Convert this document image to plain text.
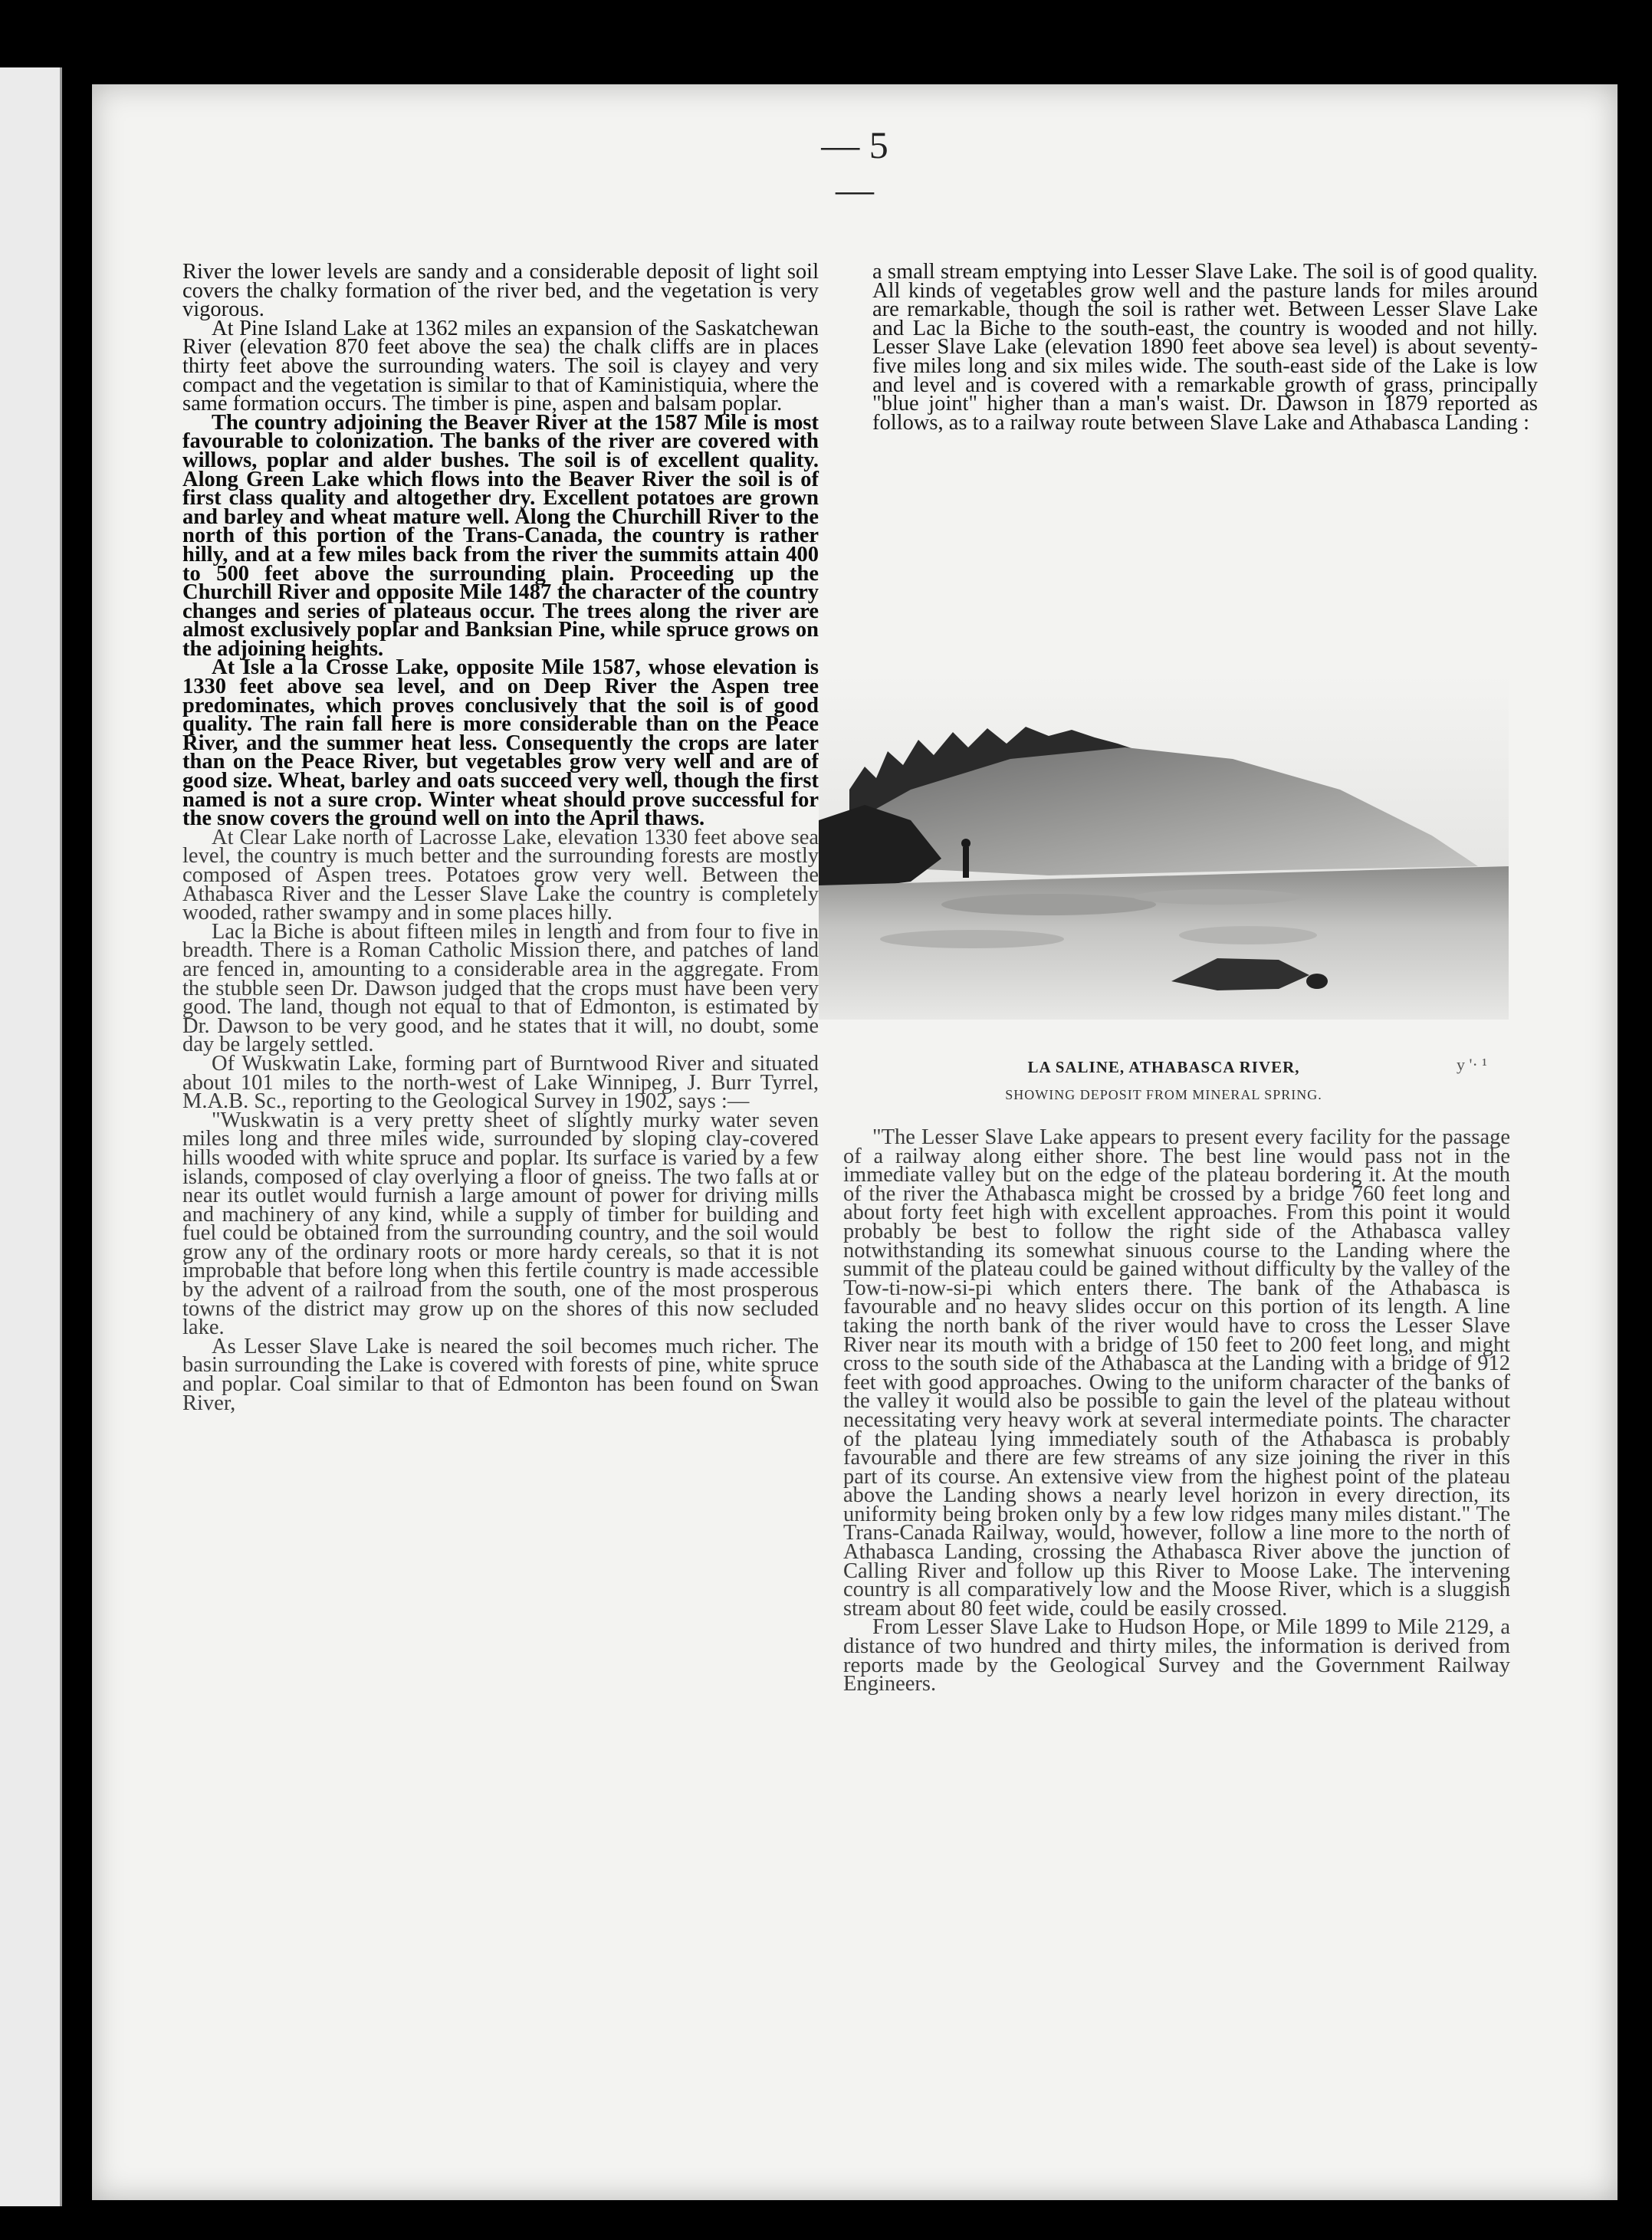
— 5 —

River the lower levels are sandy and a considerable deposit of light soil covers the chalky formation of the river bed, and the vegetation is very vigorous.

At Pine Island Lake at 1362 miles an expansion of the Saskatchewan River (elevation 870 feet above the sea) the chalk cliffs are in places thirty feet above the surrounding waters. The soil is clayey and very compact and the vegetation is similar to that of Kaministiquia, where the same formation occurs. The timber is pine, aspen and balsam poplar.

The country adjoining the Beaver River at the 1587 Mile is most favourable to colonization. The banks of the river are covered with willows, poplar and alder bushes. The soil is of excellent quality. Along Green Lake which flows into the Beaver River the soil is of first class quality and altogether dry. Excellent potatoes are grown and barley and wheat mature well. Along the Churchill River to the north of this portion of the Trans-Canada, the country is rather hilly, and at a few miles back from the river the summits attain 400 to 500 feet above the surrounding plain. Proceeding up the Churchill River and opposite Mile 1487 the character of the country changes and series of plateaus occur. The trees along the river are almost exclusively poplar and Banksian Pine, while spruce grows on the adjoining heights.

At Isle a la Crosse Lake, opposite Mile 1587, whose elevation is 1330 feet above sea level, and on Deep River the Aspen tree predominates, which proves conclusively that the soil is of good quality. The rain fall here is more considerable than on the Peace River, and the summer heat less. Consequently the crops are later than on the Peace River, but vegetables grow very well and are of good size. Wheat, barley and oats succeed very well, though the first named is not a sure crop. Winter wheat should prove successful for the snow covers the ground well on into the April thaws.

At Clear Lake north of Lacrosse Lake, elevation 1330 feet above sea level, the country is much better and the surrounding forests are mostly composed of Aspen trees. Potatoes grow very well. Between the Athabasca River and the Lesser Slave Lake the country is completely wooded, rather swampy and in some places hilly.

Lac la Biche is about fifteen miles in length and from four to five in breadth. There is a Roman Catholic Mission there, and patches of land are fenced in, amounting to a considerable area in the aggregate. From the stubble seen Dr. Dawson judged that the crops must have been very good. The land, though not equal to that of Edmonton, is estimated by Dr. Dawson to be very good, and he states that it will, no doubt, some day be largely settled.

Of Wuskwatin Lake, forming part of Burntwood River and situated about 101 miles to the north-west of Lake Winnipeg, J. Burr Tyrrel, M.A.B. Sc., reporting to the Geological Survey in 1902, says :—

"Wuskwatin is a very pretty sheet of slightly murky water seven miles long and three miles wide, surrounded by sloping clay-covered hills wooded with white spruce and poplar. Its surface is varied by a few islands, composed of clay overlying a floor of gneiss. The two falls at or near its outlet would furnish a large amount of power for driving mills and machinery of any kind, while a supply of timber for building and fuel could be obtained from the surrounding country, and the soil would grow any of the ordinary roots or more hardy cereals, so that it is not improbable that before long when this fertile country is made accessible by the advent of a railroad from the south, one of the most prosperous towns of the district may grow up on the shores of this now secluded lake.

As Lesser Slave Lake is neared the soil becomes much richer. The basin surrounding the Lake is covered with forests of pine, white spruce and poplar. Coal similar to that of Edmonton has been found on Swan River,

a small stream emptying into Lesser Slave Lake. The soil is of good quality. All kinds of vegetables grow well and the pasture lands for miles around are remarkable, though the soil is rather wet. Between Lesser Slave Lake and Lac la Biche to the south-east, the country is wooded and not hilly. Lesser Slave Lake (elevation 1890 feet above sea level) is about seventy-five miles long and six miles wide. The south-east side of the Lake is low and level and is covered with a remarkable growth of grass, principally "blue joint" higher than a man's waist. Dr. Dawson in 1879 reported as follows, as to a railway route between Slave Lake and Athabasca Landing :

LA SALINE, ATHABASCA RIVER,
SHOWING DEPOSIT FROM MINERAL SPRING.
y '· ¹

"The Lesser Slave Lake appears to present every facility for the passage of a railway along either shore. The best line would pass not in the immediate valley but on the edge of the plateau bordering it. At the mouth of the river the Athabasca might be crossed by a bridge 760 feet long and about forty feet high with excellent approaches. From this point it would probably be best to follow the right side of the Athabasca valley notwithstanding its somewhat sinuous course to the Landing where the summit of the plateau could be gained without difficulty by the valley of the Tow-ti-now-si-pi which enters there. The bank of the Athabasca is favourable and no heavy slides occur on this portion of its length. A line taking the north bank of the river would have to cross the Lesser Slave River near its mouth with a bridge of 150 feet to 200 feet long, and might cross to the south side of the Athabasca at the Landing with a bridge of 912 feet with good approaches. Owing to the uniform character of the banks of the valley it would also be possible to gain the level of the plateau without necessitating very heavy work at several intermediate points. The character of the plateau lying immediately south of the Athabasca is probably favourable and there are few streams of any size joining the river in this part of its course. An extensive view from the highest point of the plateau above the Landing shows a nearly level horizon in every direction, its uniformity being broken only by a few low ridges many miles distant." The Trans-Canada Railway, would, however, follow a line more to the north of Athabasca Landing, crossing the Athabasca River above the junction of Calling River and follow up this River to Moose Lake. The intervening country is all comparatively low and the Moose River, which is a sluggish stream about 80 feet wide, could be easily crossed.

From Lesser Slave Lake to Hudson Hope, or Mile 1899 to Mile 2129, a distance of two hundred and thirty miles, the information is derived from reports made by the Geological Survey and the Government Railway Engineers.
